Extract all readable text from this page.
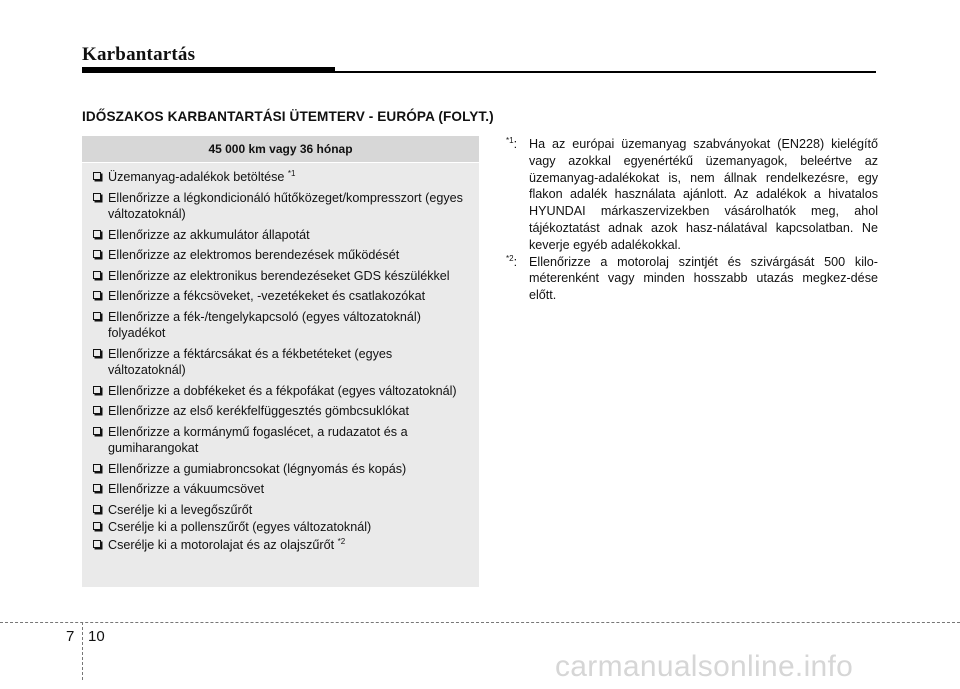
Karbantartás
IDŐSZAKOS KARBANTARTÁSI ÜTEMTERV - EURÓPA (FOLYT.)
45 000 km vagy 36 hónap
Üzemanyag-adalékok betöltése $^{*1}$
Ellenőrizze a légkondicionáló hűtőközeget/kompresszort (egyes változatoknál)
Ellenőrizze az akkumulátor állapotát
Ellenőrizze az elektromos berendezések működését
Ellenőrizze az elektronikus berendezéseket GDS készülékkel
Ellenőrizze a fékcsöveket, -vezetékeket és csatlakozókat
Ellenőrizze a fék-/tengelykapcsoló (egyes változatoknál) folyadékot
Ellenőrizze a féktárcsákat és a fékbetéteket (egyes változatoknál)
Ellenőrizze a dobfékeket és a fékpofákat (egyes változatoknál)
Ellenőrizze az első kerékfelfüggesztés gömbcsuklókat
Ellenőrizze a kormánymű fogaslécet, a rudazatot és a gumiharangokat
Ellenőrizze a gumiabroncsokat (légnyomás és kopás)
Ellenőrizze a vákuumcsövet
Cserélje ki a levegőszűrőt
Cserélje ki a pollenszűrőt (egyes változatoknál)
Cserélje ki a motorolajat és az olajszűrőt $^{*2}$
$^{*1}$: Ha az európai üzemanyag szabványokat (EN228) kielégítő vagy azokkal egyenértékű üzemanyagok, beleértve az üzemanyag-adalékokat is, nem állnak rendelkezésre, egy flakon adalék használata ajánlott. Az adalékok a hivatalos HYUNDAI márkaszervizekben vásárolhatók meg, ahol tájékoztatást adnak azok hasz-nálatával kapcsolatban. Ne keverje egyéb adalékokkal.
$^{*2}$: Ellenőrizze a motorolaj szintjét és szivárgását 500 kilo-méterenként vagy minden hosszabb utazás megkez-dése előtt.
7 10
carmanualsonline.info
